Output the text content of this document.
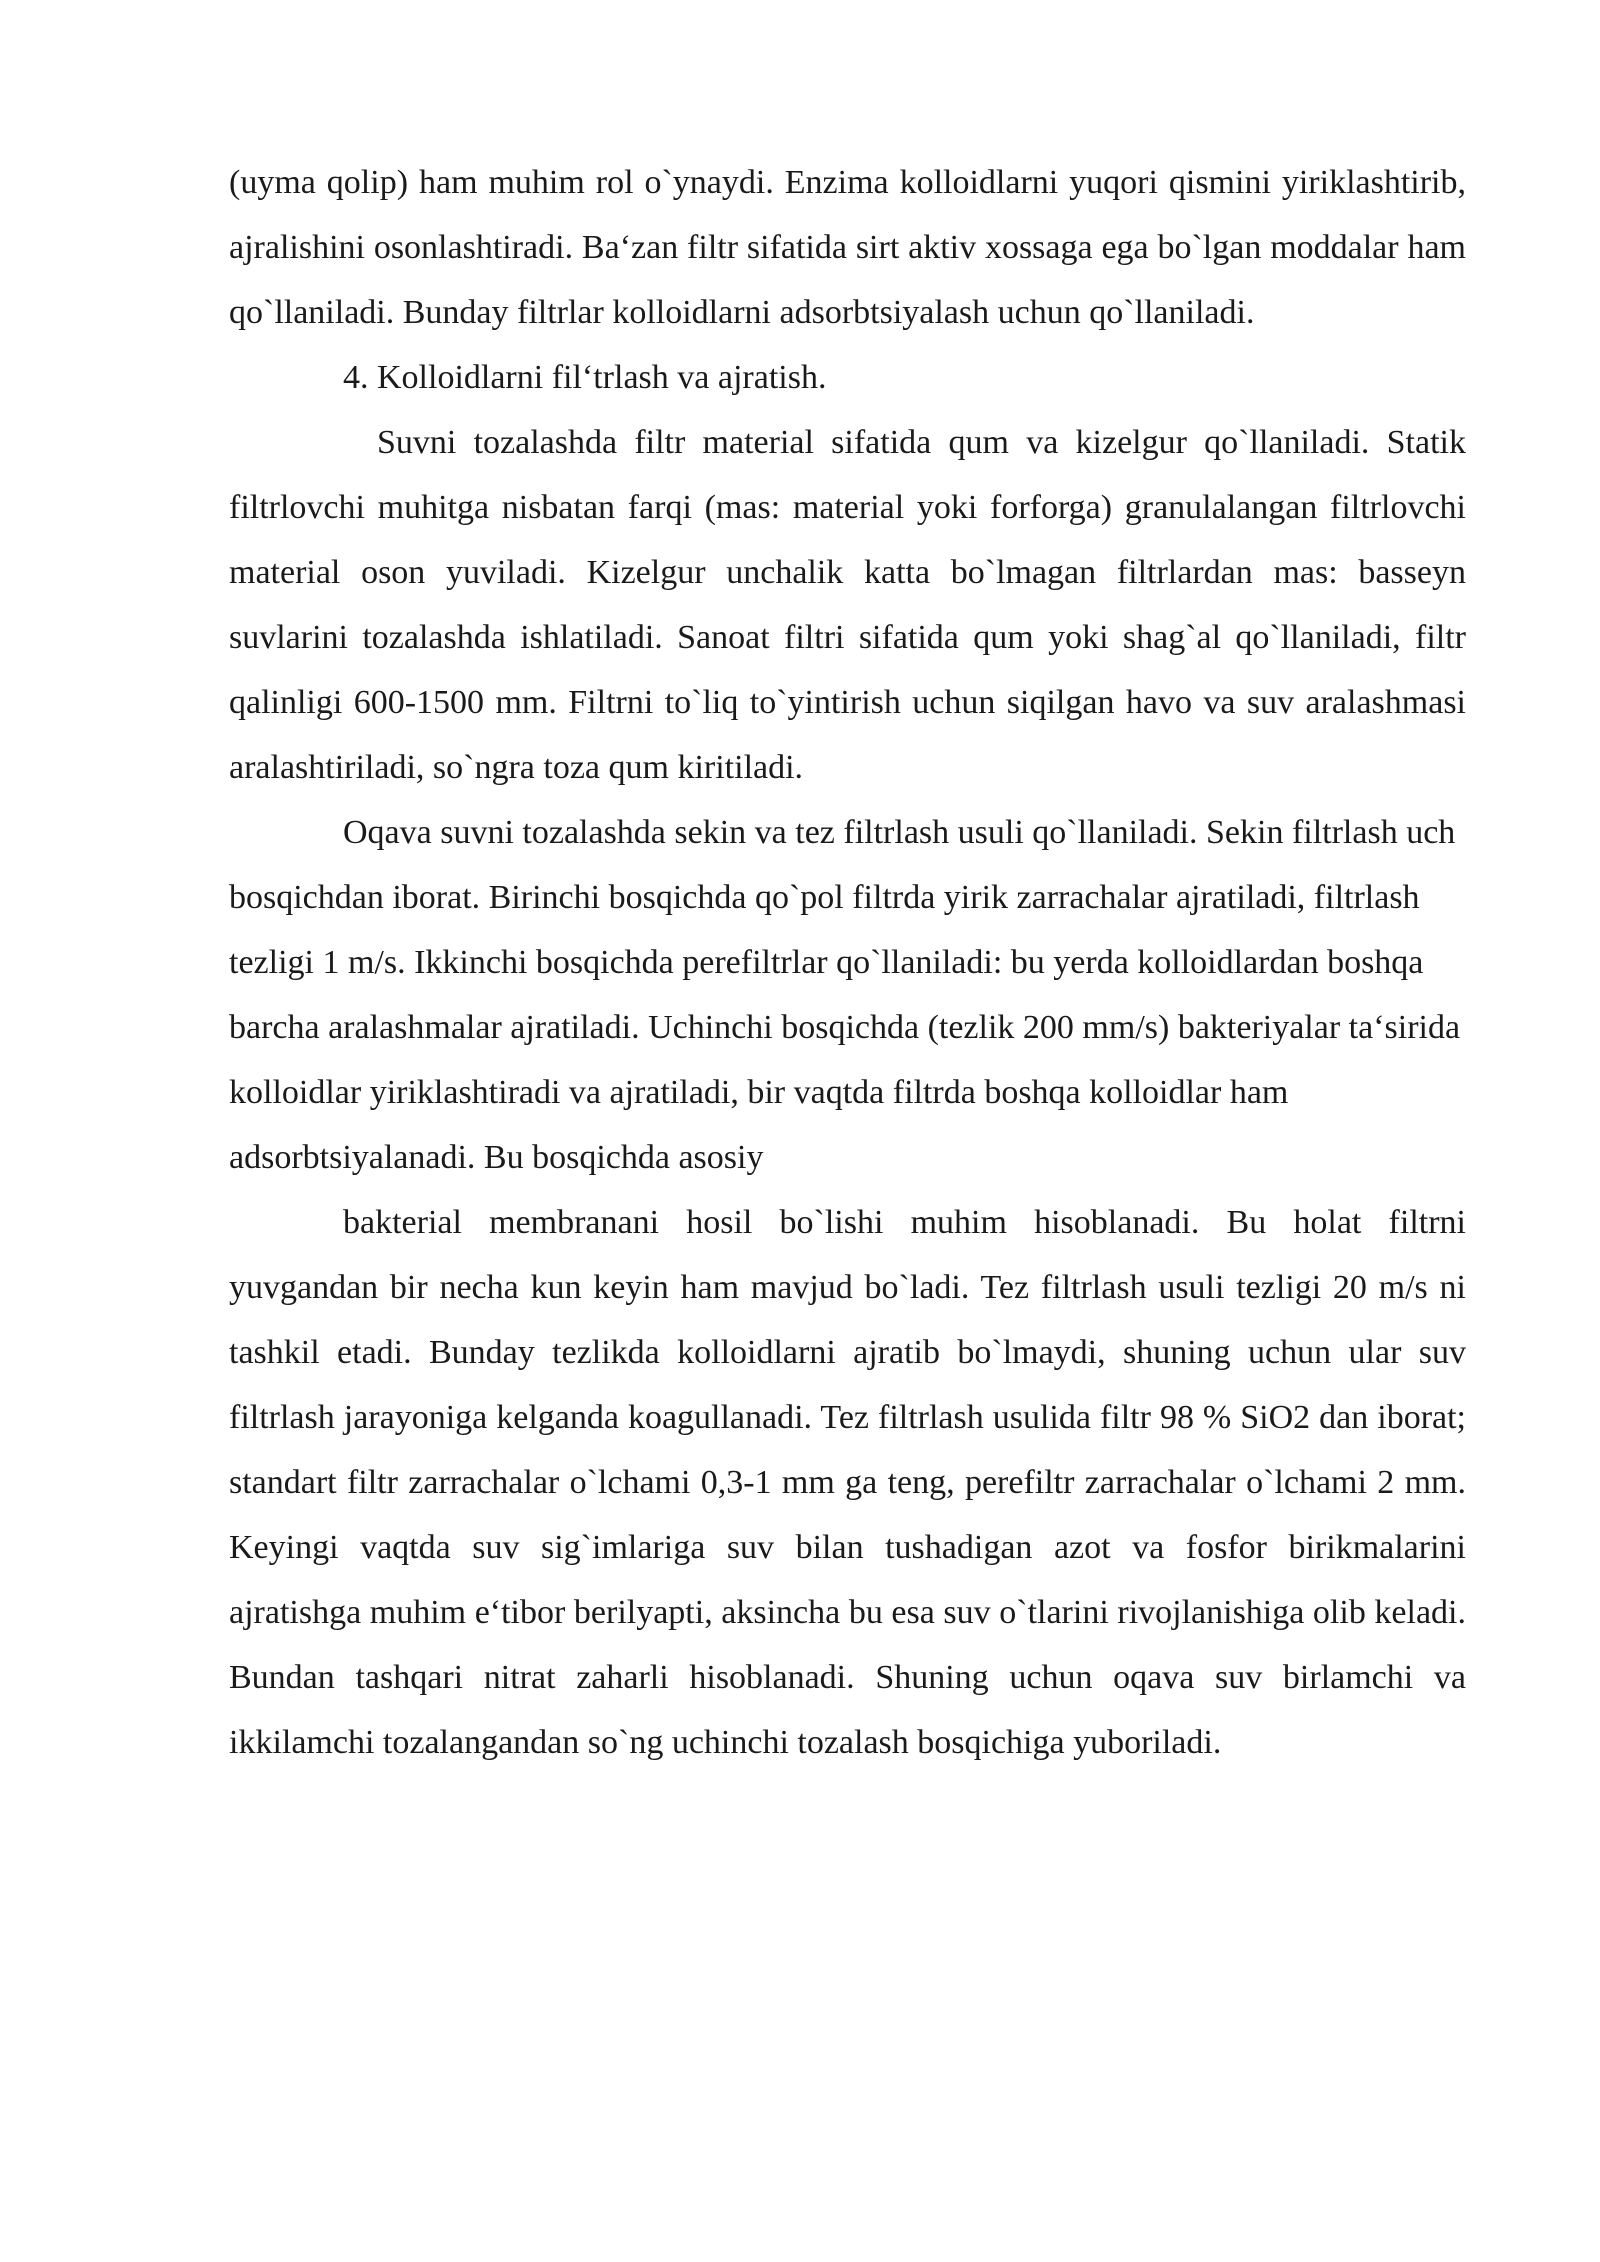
(uyma qolip) ham muhim rol o`ynaydi. Enzima kolloidlarni yuqori qismini yiriklashtirib, ajralishini osonlashtiradi. Ba‘zan filtr sifatida sirt aktiv xossaga ega bo`lgan moddalar ham qo`llaniladi. Bunday filtrlar kolloidlarni adsorbtsiyalash uchun qo`llaniladi.

4. Kolloidlarni fil‘trlash va ajratish.

Suvni tozalashda filtr material sifatida qum va kizelgur qo`llaniladi. Statik filtrlovchi muhitga nisbatan farqi (mas: material yoki forforga) granulalangan filtrlovchi material oson yuviladi. Kizelgur unchalik katta bo`lmagan filtrlardan mas: basseyn suvlarini tozalashda ishlatiladi. Sanoat filtri sifatida qum yoki shag`al qo`llaniladi, filtr qalinligi 600-1500 mm. Filtrni to`liq to`yintirish uchun siqilgan havo va suv aralashmasi aralashtiriladi, so`ngra toza qum kiritiladi.

Oqava suvni tozalashda sekin va tez filtrlash usuli qo`llaniladi. Sekin filtrlash uch bosqichdan iborat. Birinchi bosqichda qo`pol filtrda yirik zarrachalar ajratiladi, filtrlash tezligi 1 m/s. Ikkinchi bosqichda perefiltrlar qo`llaniladi: bu yerda kolloidlardan boshqa barcha aralashmalar ajratiladi. Uchinchi bosqichda (tezlik 200 mm/s) bakteriyalar ta‘sirida kolloidlar yiriklashtiradi va ajratiladi, bir vaqtda filtrda boshqa kolloidlar ham adsorbtsiyalanadi. Bu bosqichda asosiy

bakterial membranani hosil bo`lishi muhim hisoblanadi. Bu holat filtrni yuvgandan bir necha kun keyin ham mavjud bo`ladi. Tez filtrlash usuli tezligi 20 m/s ni tashkil etadi. Bunday tezlikda kolloidlarni ajratib bo`lmaydi, shuning uchun ular suv filtrlash jarayoniga kelganda koagullanadi. Tez filtrlash usulida filtr 98 % SiO2 dan iborat; standart filtr zarrachalar o`lchami 0,3-1 mm ga teng, perefiltr zarrachalar o`lchami 2 mm. Keyingi vaqtda suv sig`imlariga suv bilan tushadigan azot va fosfor birikmalarini ajratishga muhim e‘tibor berilyapti, aksincha bu esa suv o`tlarini rivojlanishiga olib keladi. Bundan tashqari nitrat zaharli hisoblanadi. Shuning uchun oqava suv birlamchi va ikkilamchi tozalangandan so`ng uchinchi tozalash bosqichiga yuboriladi.
